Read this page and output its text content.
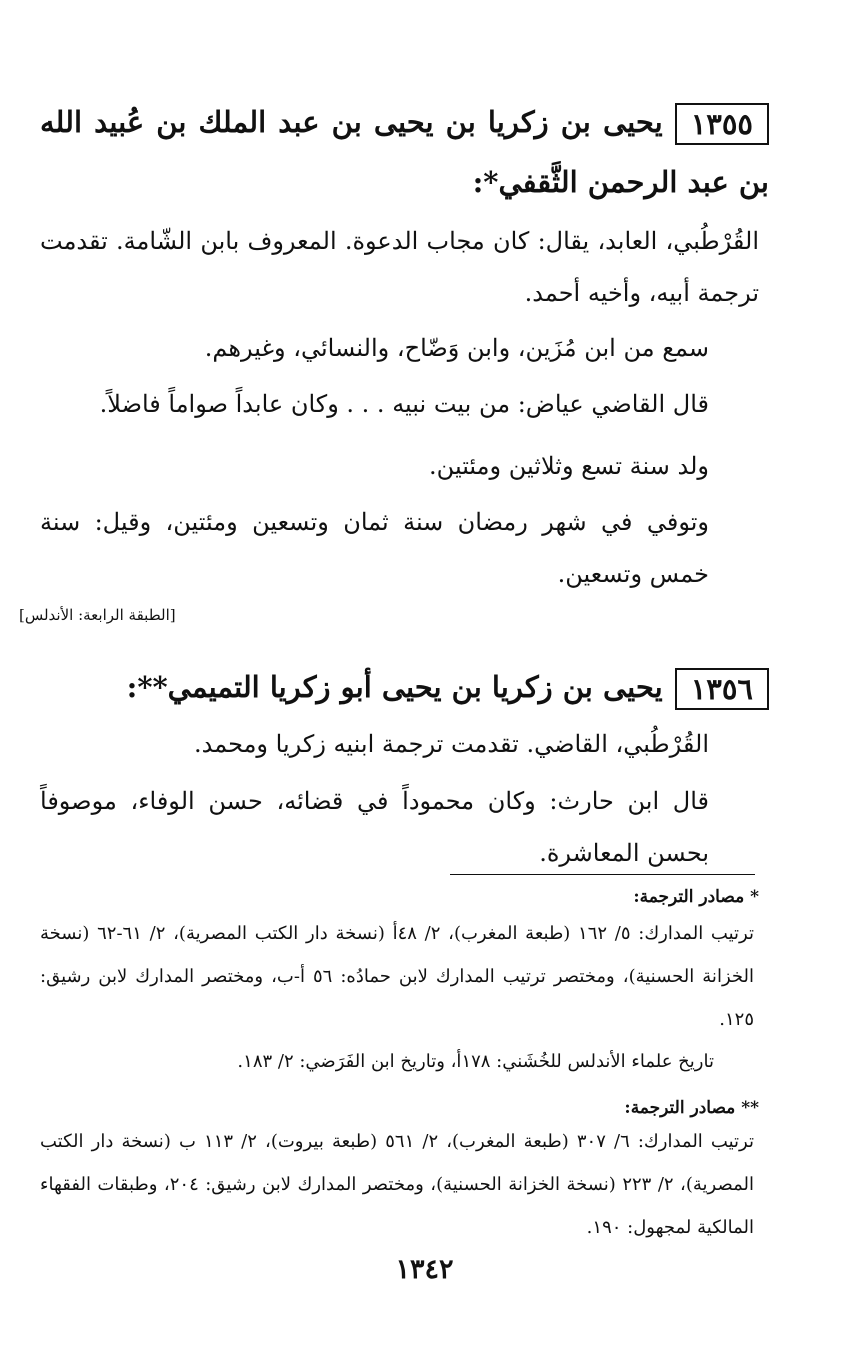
١٣٥٥يحيى بن زكريا بن يحيى بن عبد الملك بن عُبيد الله بن عبد الرحمن الثَّقفي*:
القُرْطُبي، العابد، يقال: كان مجاب الدعوة. المعروف بابن الشّامة. تقدمت ترجمة أبيه، وأخيه أحمد.
سمع من ابن مُزَين، وابن وَضّاح، والنسائي، وغيرهم.
قال القاضي عياض: من بيت نبيه . . . وكان عابداً صواماً فاضلاً.
ولد سنة تسع وثلاثين ومئتين.
وتوفي في شهر رمضان سنة ثمان وتسعين ومئتين، وقيل: سنة خمس وتسعين.
[الطبقة الرابعة: الأندلس]
١٣٥٦يحيى بن زكريا بن يحيى أبو زكريا التميمي**:
القُرْطُبي، القاضي. تقدمت ترجمة ابنيه زكريا ومحمد.
قال ابن حارث: وكان محموداً في قضائه، حسن الوفاء، موصوفاً بحسن المعاشرة.
* مصادر الترجمة:
ترتيب المدارك: ٥/ ١٦٢ (طبعة المغرب)، ٢/ ٤٨أ (نسخة دار الكتب المصرية)، ٢/ ٦١-٦٢ (نسخة الخزانة الحسنية)، ومختصر ترتيب المدارك لابن حمادُه: ٥٦ أ-ب، ومختصر المدارك لابن رشيق: ١٢٥.
تاريخ علماء الأندلس للخُشَني: ١٧٨أ، وتاريخ ابن الفَرَضي: ٢/ ١٨٣.
** مصادر الترجمة:
ترتيب المدارك: ٦/ ٣٠٧ (طبعة المغرب)، ٢/ ٥٦١ (طبعة بيروت)، ٢/ ١١٣ ب (نسخة دار الكتب المصرية)، ٢/ ٢٢٣ (نسخة الخزانة الحسنية)، ومختصر المدارك لابن رشيق: ٢٠٤، وطبقات الفقهاء المالكية لمجهول: ١٩٠.
١٣٤٢
